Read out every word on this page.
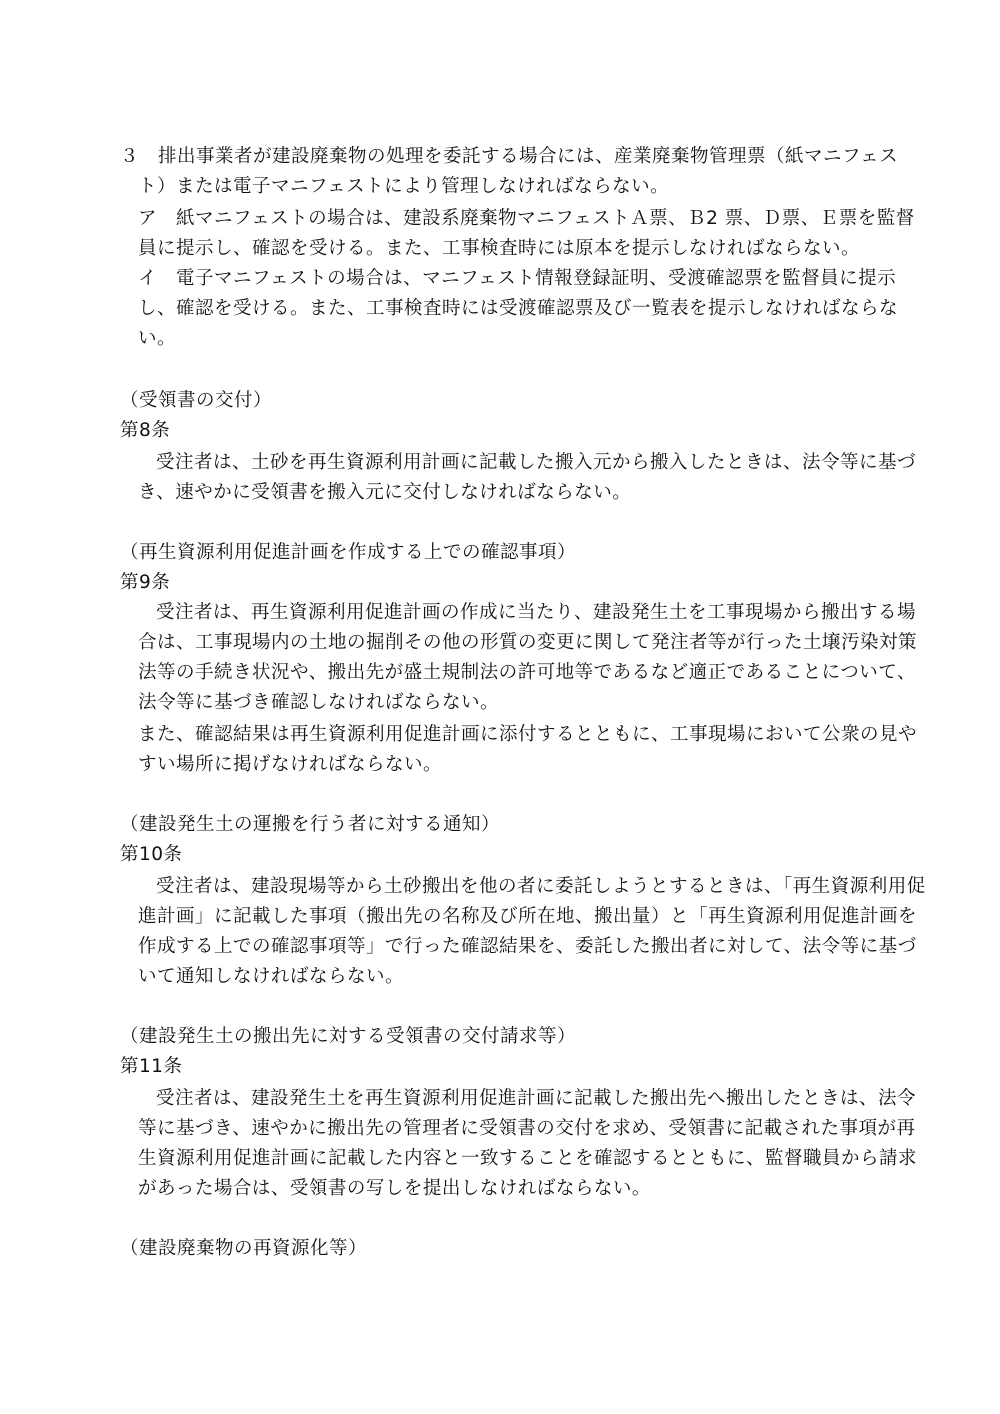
３　排出事業者が建設廃棄物の処理を委託する場合には、産業廃棄物管理票（紙マニフェス
ト）または電子マニフェストにより管理しなければならない。
ア　紙マニフェストの場合は、建設系廃棄物マニフェストＡ票、Ｂ2 票、Ｄ票、Ｅ票を監督
員に提示し、確認を受ける。また、工事検査時には原本を提示しなければならない。
イ　電子マニフェストの場合は、マニフェスト情報登録証明、受渡確認票を監督員に提示
し、確認を受ける。また、工事検査時には受渡確認票及び一覧表を提示しなければならな
い。
（受領書の交付）
第8条
受注者は、土砂を再生資源利用計画に記載した搬入元から搬入したときは、法令等に基づ
き、速やかに受領書を搬入元に交付しなければならない。
（再生資源利用促進計画を作成する上での確認事項）
第9条
受注者は、再生資源利用促進計画の作成に当たり、建設発生土を工事現場から搬出する場
合は、工事現場内の土地の掘削その他の形質の変更に関して発注者等が行った土壌汚染対策
法等の手続き状況や、搬出先が盛土規制法の許可地等であるなど適正であることについて、
法令等に基づき確認しなければならない。
また、確認結果は再生資源利用促進計画に添付するとともに、工事現場において公衆の見や
すい場所に掲げなければならない。
（建設発生土の運搬を行う者に対する通知）
第10条
受注者は、建設現場等から土砂搬出を他の者に委託しようとするときは、「再生資源利用促
進計画」に記載した事項（搬出先の名称及び所在地、搬出量）と「再生資源利用促進計画を
作成する上での確認事項等」で行った確認結果を、委託した搬出者に対して、法令等に基づ
いて通知しなければならない。
（建設発生土の搬出先に対する受領書の交付請求等）
第11条
受注者は、建設発生土を再生資源利用促進計画に記載した搬出先へ搬出したときは、法令
等に基づき、速やかに搬出先の管理者に受領書の交付を求め、受領書に記載された事項が再
生資源利用促進計画に記載した内容と一致することを確認するとともに、監督職員から請求
があった場合は、受領書の写しを提出しなければならない。
（建設廃棄物の再資源化等）
